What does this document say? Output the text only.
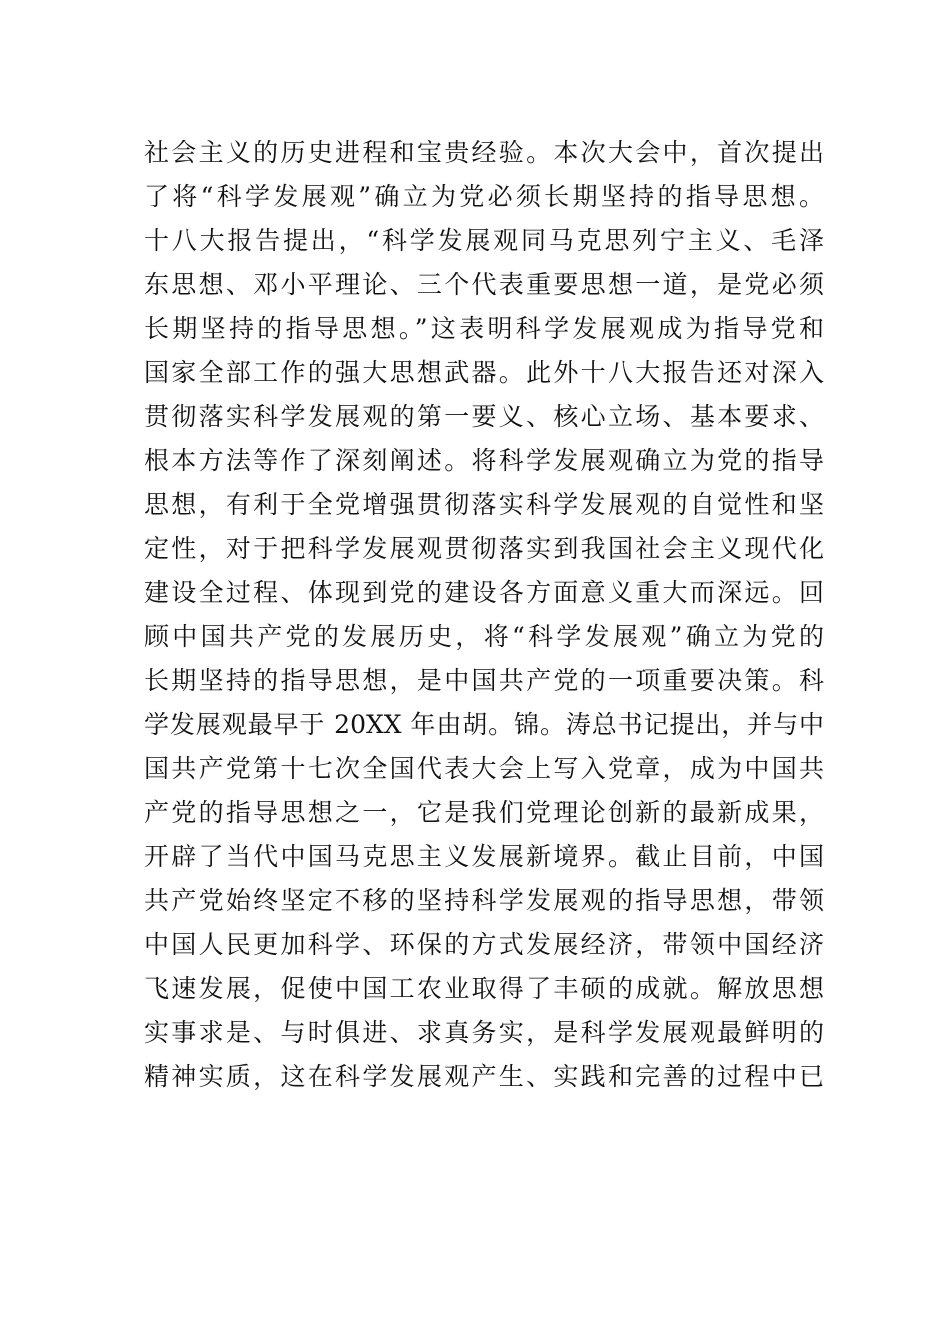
社会主义的历史进程和宝贵经验。本次大会中，首次提出
了将“科学发展观”确立为党必须长期坚持的指导思想。
十八大报告提出，“科学发展观同马克思列宁主义、毛泽
东思想、邓小平理论、三个代表重要思想一道，是党必须
长期坚持的指导思想。”这表明科学发展观成为指导党和
国家全部工作的强大思想武器。此外十八大报告还对深入
贯彻落实科学发展观的第一要义、核心立场、基本要求、
根本方法等作了深刻阐述。将科学发展观确立为党的指导
思想，有利于全党增强贯彻落实科学发展观的自觉性和坚
定性，对于把科学发展观贯彻落实到我国社会主义现代化
建设全过程、体现到党的建设各方面意义重大而深远。回
顾中国共产党的发展历史，将“科学发展观”确立为党的
长期坚持的指导思想，是中国共产党的一项重要决策。科
学发展观最早于 20XX 年由胡。锦。涛总书记提出，并与中
国共产党第十七次全国代表大会上写入党章，成为中国共
产党的指导思想之一，它是我们党理论创新的最新成果，
开辟了当代中国马克思主义发展新境界。截止目前，中国
共产党始终坚定不移的坚持科学发展观的指导思想，带领
中国人民更加科学、环保的方式发展经济，带领中国经济
飞速发展，促使中国工农业取得了丰硕的成就。解放思想
实事求是、与时俱进、求真务实，是科学发展观最鲜明的
精神实质，这在科学发展观产生、实践和完善的过程中已
